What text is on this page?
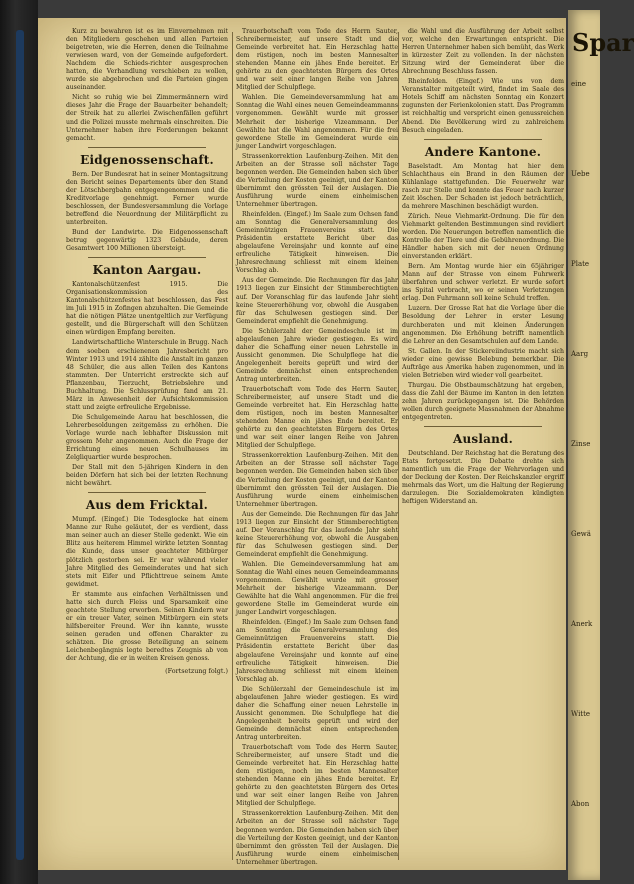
Kurz zu bewahren ist es im Einvernehmen mit den Mitgliedern geschehen und allen Parteien beigetreten, wie die Herren, denen die Teilnahme verwiesen ward, von der Gemeinde aufgefordert. Nachdem die Schieds-richter ausgesprochen hatten, die Verhandlung verschieben zu wollen, wurde sie abgebrochen und die Parteien gingen auseinander.

Nicht so ruhig wie bei Zimmermännern wird dieses Jahr die Frage der Bauarbeiter behandelt; der Streik hat zu allerlei Zwischenfällen geführt und die Polizei musste mehrmals einschreiten. Die Unternehmer haben ihre Forderungen bekannt gemacht.

Eidgenossenschaft.

Bern. Der Bundesrat hat in seiner Montagsitzung den Bericht seines Departements über den Stand der Lötschbergbahn entgegengenommen und die Kreditvorlage genehmigt. Ferner wurde beschlossen, der Bundesversammlung die Vorlage betreffend die Neuordnung der Militärpflicht zu unterbreiten.

Bund der Landwirte. Die Eidgenossenschaft betrug gegenwärtig 1323 Gebäude, deren Gesamtwert 100 Millionen übersteigt.

Kanton Aargau.

Kantonalschützenfest 1915. Die Organisationskommission des Kantonalschützenfestes hat beschlossen, das Fest im Juli 1915 in Zofingen abzuhalten. Die Gemeinde hat die nötigen Plätze unentgeltlich zur Verfügung gestellt, und die Bürgerschaft will den Schützen einen würdigen Empfang bereiten.

Landwirtschaftliche Winterschule in Brugg. Nach dem soeben erschienenen Jahresbericht pro Winter 1913 und 1914 zählte die Anstalt im ganzen 48 Schüler, die aus allen Teilen des Kantons stammten. Der Unterricht erstreckte sich auf Pflanzenbau, Tierzucht, Betriebslehre und Buchhaltung. Die Schlussprüfung fand am 21. März in Anwesenheit der Aufsichtskommission statt und zeigte erfreuliche Ergebnisse.

Die Schulgemeinde Aarau hat beschlossen, die Lehrerbesoldungen zeitgemäss zu erhöhen. Die Vorlage wurde nach lebhafter Diskussion mit grossem Mehr angenommen. Auch die Frage der Errichtung eines neuen Schulhauses im Zelgliquartier wurde besprochen.

Der Stall mit den 5-jährigen Kindern in den beiden Dörfern hat sich bei der letzten Rechnung nicht bewährt.

Aus dem Fricktal.

Mumpf. (Eingef.) Die Todesglocke hat einem Manne zur Ruhe geläutet, der es verdient, dass man seiner auch an dieser Stelle gedenkt. Wie ein Blitz aus heiterem Himmel wirkte letzten Sonntag die Kunde, dass unser geachteter Mitbürger plötzlich gestorben sei. Er war während vieler Jahre Mitglied des Gemeinderates und hat sich stets mit Eifer und Pflichttreue seinem Amte gewidmet.

Er stammte aus einfachen Verhältnissen und hatte sich durch Fleiss und Sparsamkeit eine geachtete Stellung erworben. Seinen Kindern war er ein treuer Vater, seinen Mitbürgern ein stets hilfsbereiter Freund. Wer ihn kannte, wusste seinen geraden und offenen Charakter zu schätzen. Die grosse Beteiligung an seinem Leichenbegängnis legte beredtes Zeugnis ab von der Achtung, die er in weiten Kreisen genoss.

(Fortsetzung folgt.)

Trauerbotschaft vom Tode des Herrn Sauter, Schreibermeister, auf unsere Stadt und die Gemeinde verbreitet hat. Ein Herzschlag hatte dem rüstigen, noch im besten Mannesalter stehenden Manne ein jähes Ende bereitet. Er gehörte zu den geachtetsten Bürgern des Ortes und war seit einer langen Reihe von Jahren Mitglied der Schulpflege.

Wahlen. Die Gemeindeversammlung hat am Sonntag die Wahl eines neuen Gemeindeammanns vorgenommen. Gewählt wurde mit grosser Mehrheit der bisherige Vizeammann. Der Gewählte hat die Wahl angenommen. Für die frei gewordene Stelle im Gemeinderat wurde ein junger Landwirt vorgeschlagen.

Strassenkorrektion Laufenburg-Zeihen. Mit den Arbeiten an der Strasse soll nächster Tage begonnen werden. Die Gemeinden haben sich über die Verteilung der Kosten geeinigt, und der Kanton übernimmt den grössten Teil der Auslagen. Die Ausführung wurde einem einheimischen Unternehmer übertragen.

Rheinfelden. (Eingef.) Im Saale zum Ochsen fand am Sonntag die Generalversammlung des Gemeinnützigen Frauenvereins statt. Die Präsidentin erstattete Bericht über das abgelaufene Vereinsjahr und konnte auf eine erfreuliche Tätigkeit hinweisen. Die Jahresrechnung schliesst mit einem kleinen Vorschlag ab.

Aus der Gemeinde. Die Rechnungen für das Jahr 1913 liegen zur Einsicht der Stimmberechtigten auf. Der Voranschlag für das laufende Jahr sieht keine Steuererhöhung vor, obwohl die Ausgaben für das Schulwesen gestiegen sind. Der Gemeinderat empfiehlt die Genehmigung.

Die Schülerzahl der Gemeindeschule ist im abgelaufenen Jahre wieder gestiegen. Es wird daher die Schaffung einer neuen Lehrstelle in Aussicht genommen. Die Schulpflege hat die Angelegenheit bereits geprüft und wird der Gemeinde demnächst einen entsprechenden Antrag unterbreiten.

Trauerbotschaft vom Tode des Herrn Sauter, Schreibermeister, auf unsere Stadt und die Gemeinde verbreitet hat. Ein Herzschlag hatte dem rüstigen, noch im besten Mannesalter stehenden Manne ein jähes Ende bereitet. Er gehörte zu den geachtetsten Bürgern des Ortes und war seit einer langen Reihe von Jahren Mitglied der Schulpflege.

Strassenkorrektion Laufenburg-Zeihen. Mit den Arbeiten an der Strasse soll nächster Tage begonnen werden. Die Gemeinden haben sich über die Verteilung der Kosten geeinigt, und der Kanton übernimmt den grössten Teil der Auslagen. Die Ausführung wurde einem einheimischen Unternehmer übertragen.

Aus der Gemeinde. Die Rechnungen für das Jahr 1913 liegen zur Einsicht der Stimmberechtigten auf. Der Voranschlag für das laufende Jahr sieht keine Steuererhöhung vor, obwohl die Ausgaben für das Schulwesen gestiegen sind. Der Gemeinderat empfiehlt die Genehmigung.

Wahlen. Die Gemeindeversammlung hat am Sonntag die Wahl eines neuen Gemeindeammanns vorgenommen. Gewählt wurde mit grosser Mehrheit der bisherige Vizeammann. Der Gewählte hat die Wahl angenommen. Für die frei gewordene Stelle im Gemeinderat wurde ein junger Landwirt vorgeschlagen.

Rheinfelden. (Eingef.) Im Saale zum Ochsen fand am Sonntag die Generalversammlung des Gemeinnützigen Frauenvereins statt. Die Präsidentin erstattete Bericht über das abgelaufene Vereinsjahr und konnte auf eine erfreuliche Tätigkeit hinweisen. Die Jahresrechnung schliesst mit einem kleinen Vorschlag ab.

Die Schülerzahl der Gemeindeschule ist im abgelaufenen Jahre wieder gestiegen. Es wird daher die Schaffung einer neuen Lehrstelle in Aussicht genommen. Die Schulpflege hat die Angelegenheit bereits geprüft und wird der Gemeinde demnächst einen entsprechenden Antrag unterbreiten.

Trauerbotschaft vom Tode des Herrn Sauter, Schreibermeister, auf unsere Stadt und die Gemeinde verbreitet hat. Ein Herzschlag hatte dem rüstigen, noch im besten Mannesalter stehenden Manne ein jähes Ende bereitet. Er gehörte zu den geachtetsten Bürgern des Ortes und war seit einer langen Reihe von Jahren Mitglied der Schulpflege.

Strassenkorrektion Laufenburg-Zeihen. Mit den Arbeiten an der Strasse soll nächster Tage begonnen werden. Die Gemeinden haben sich über die Verteilung der Kosten geeinigt, und der Kanton übernimmt den grössten Teil der Auslagen. Die Ausführung wurde einem einheimischen Unternehmer übertragen.

die Wahl und die Ausführung der Arbeit selbst vor, welche den Erwartungen entspricht. Die Herren Unternehmer haben sich bemüht, das Werk in kürzester Zeit zu vollenden. In der nächsten Sitzung wird der Gemeinderat über die Abrechnung Beschluss fassen.

Rheinfelden. (Eingef.) Wie uns von dem Veranstalter mitgeteilt wird, findet im Saale des Hotels Schiff am nächsten Sonntag ein Konzert zugunsten der Ferienkolonien statt. Das Programm ist reichhaltig und verspricht einen genussreichen Abend. Die Bevölkerung wird zu zahlreichem Besuch eingeladen.

Andere Kantone.

Baselstadt. Am Montag hat hier dem Schlachthaus ein Brand in den Räumen der Kühlanlage stattgefunden. Die Feuerwehr war rasch zur Stelle und konnte das Feuer nach kurzer Zeit löschen. Der Schaden ist jedoch beträchtlich, da mehrere Maschinen beschädigt wurden.

Zürich. Neue Viehmarkt-Ordnung. Die für den Viehmarkt geltenden Bestimmungen sind revidiert worden. Die Neuerungen betreffen namentlich die Kontrolle der Tiere und die Gebührenordnung. Die Händler haben sich mit der neuen Ordnung einverstanden erklärt.

Bern. Am Montag wurde hier ein 65jähriger Mann auf der Strasse von einem Fuhrwerk überfahren und schwer verletzt. Er wurde sofort ins Spital verbracht, wo er seinen Verletzungen erlag. Den Fuhrmann soll keine Schuld treffen.

Luzern. Der Grosse Rat hat die Vorlage über die Besoldung der Lehrer in erster Lesung durchberaten und mit kleinen Änderungen angenommen. Die Erhöhung betrifft namentlich die Lehrer an den Gesamtschulen auf dem Lande.

St. Gallen. In der Stickereiindustrie macht sich wieder eine gewisse Belebung bemerkbar. Die Aufträge aus Amerika haben zugenommen, und in vielen Betrieben wird wieder voll gearbeitet.

Thurgau. Die Obstbaumschätzung hat ergeben, dass die Zahl der Bäume im Kanton in den letzten zehn Jahren zurückgegangen ist. Die Behörden wollen durch geeignete Massnahmen der Abnahme entgegentreten.

Ausland.

Deutschland. Der Reichstag hat die Beratung des Etats fortgesetzt. Die Debatte drehte sich namentlich um die Frage der Wehrvorlagen und der Deckung der Kosten. Der Reichskanzler ergriff mehrmals das Wort, um die Haltung der Regierung darzulegen. Die Sozialdemokraten kündigten heftigen Widerstand an.

Spar
eine
Uebe
Plate
Aarg
Zinse
Gewä
Anerk
Witte
Abon
